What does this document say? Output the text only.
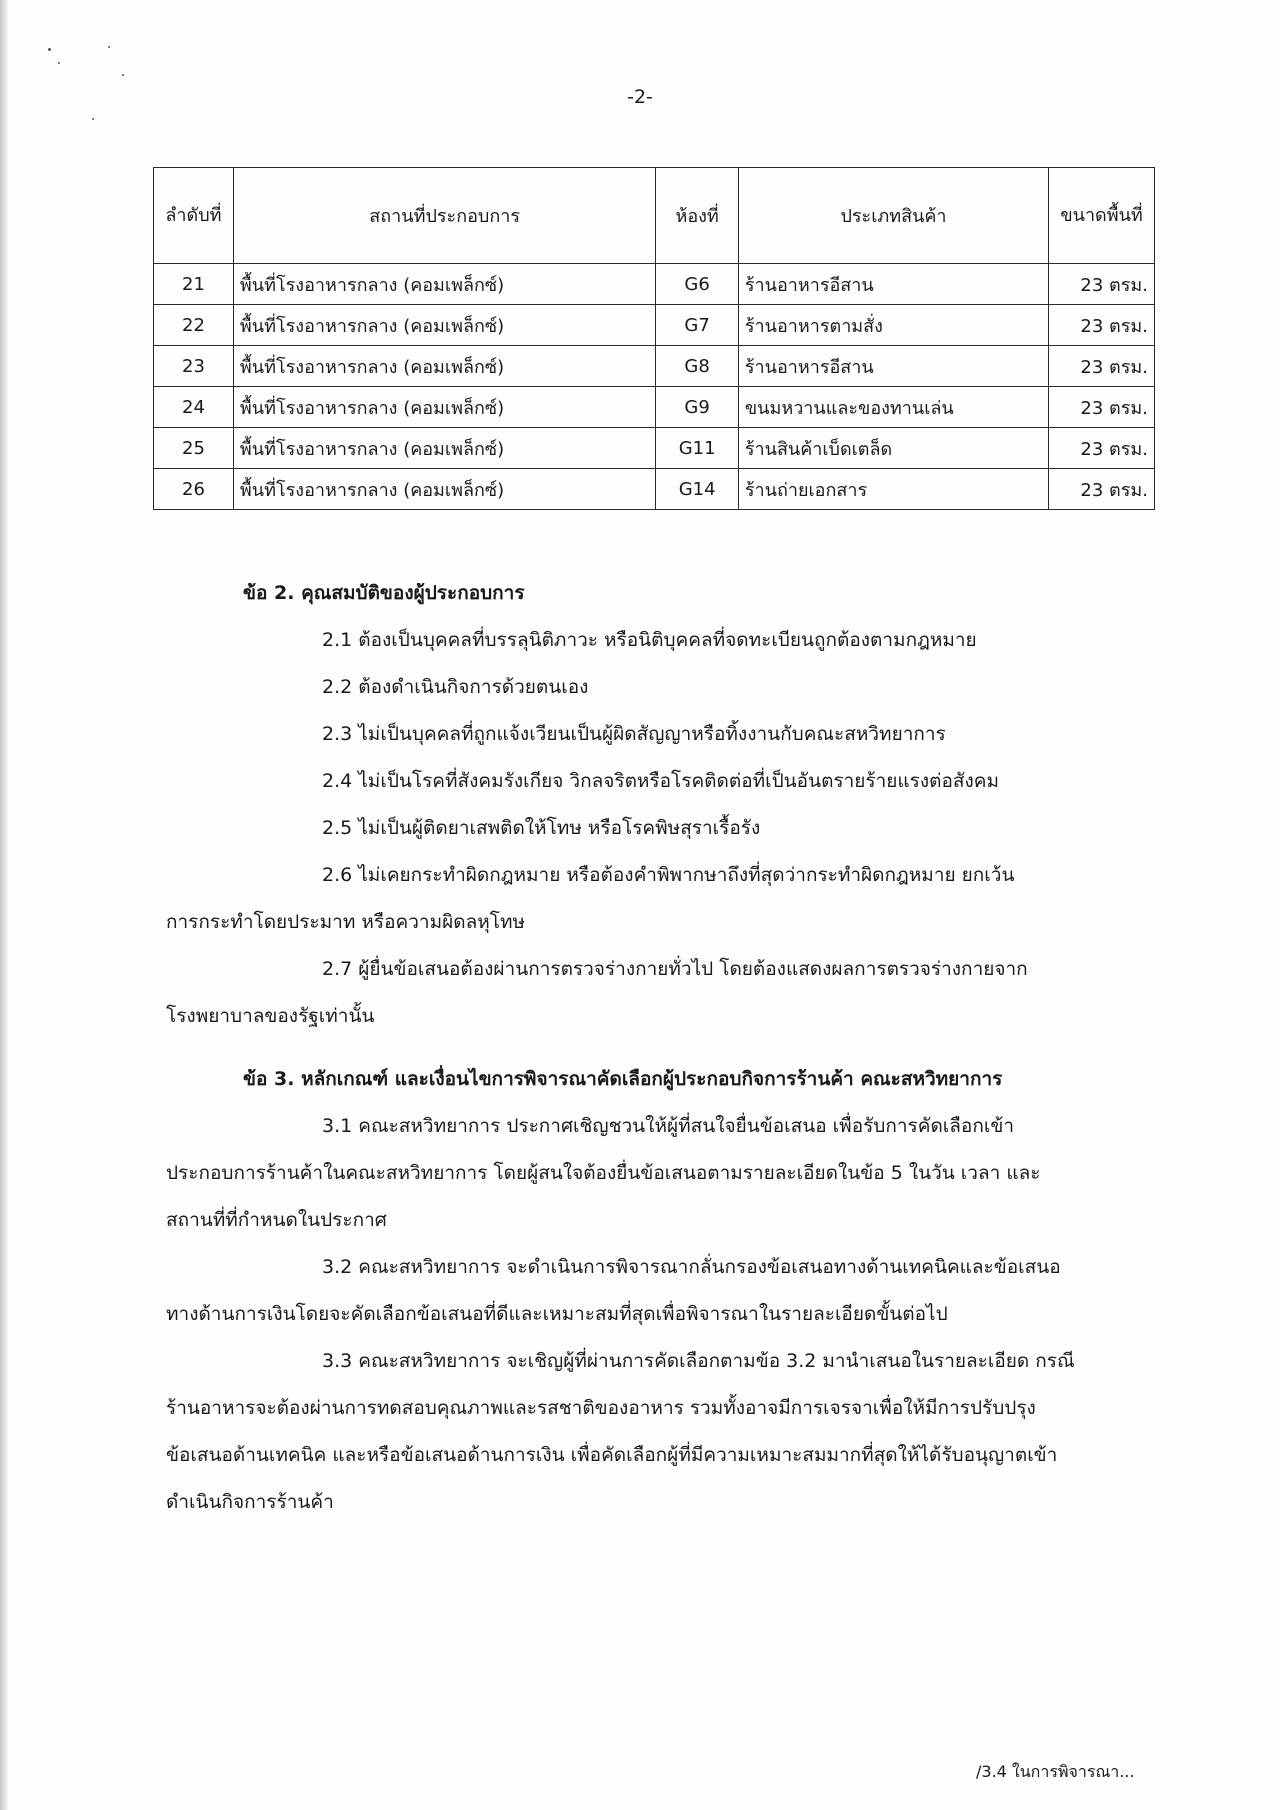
-2-
ลำดับที่	สถานที่ประกอบการ	ห้องที่	ประเภทสินค้า	ขนาดพื้นที่
21	พื้นที่โรงอาหารกลาง (คอมเพล็กซ์)	G6	ร้านอาหารอีสาน	23 ตรม.
22	พื้นที่โรงอาหารกลาง (คอมเพล็กซ์)	G7	ร้านอาหารตามสั่ง	23 ตรม.
23	พื้นที่โรงอาหารกลาง (คอมเพล็กซ์)	G8	ร้านอาหารอีสาน	23 ตรม.
24	พื้นที่โรงอาหารกลาง (คอมเพล็กซ์)	G9	ขนมหวานและของทานเล่น	23 ตรม.
25	พื้นที่โรงอาหารกลาง (คอมเพล็กซ์)	G11	ร้านสินค้าเบ็ดเตล็ด	23 ตรม.
26	พื้นที่โรงอาหารกลาง (คอมเพล็กซ์)	G14	ร้านถ่ายเอกสาร	23 ตรม.
ข้อ 2. คุณสมบัติของผู้ประกอบการ
2.1 ต้องเป็นบุคคลที่บรรลุนิติภาวะ หรือนิติบุคคลที่จดทะเบียนถูกต้องตามกฎหมาย
2.2 ต้องดำเนินกิจการด้วยตนเอง
2.3 ไม่เป็นบุคคลที่ถูกแจ้งเวียนเป็นผู้ผิดสัญญาหรือทิ้งงานกับคณะสหวิทยาการ
2.4 ไม่เป็นโรคที่สังคมรังเกียจ วิกลจริตหรือโรคติดต่อที่เป็นอันตรายร้ายแรงต่อสังคม
2.5 ไม่เป็นผู้ติดยาเสพติดให้โทษ หรือโรคพิษสุราเรื้อรัง
2.6 ไม่เคยกระทำผิดกฎหมาย หรือต้องคำพิพากษาถึงที่สุดว่ากระทำผิดกฎหมาย ยกเว้น
การกระทำโดยประมาท หรือความผิดลหุโทษ
2.7 ผู้ยื่นข้อเสนอต้องผ่านการตรวจร่างกายทั่วไป โดยต้องแสดงผลการตรวจร่างกายจาก
โรงพยาบาลของรัฐเท่านั้น
ข้อ 3. หลักเกณฑ์ และเงื่อนไขการพิจารณาคัดเลือกผู้ประกอบกิจการร้านค้า คณะสหวิทยาการ
3.1 คณะสหวิทยาการ ประกาศเชิญชวนให้ผู้ที่สนใจยื่นข้อเสนอ เพื่อรับการคัดเลือกเข้า
ประกอบการร้านค้าในคณะสหวิทยาการ โดยผู้สนใจต้องยื่นข้อเสนอตามรายละเอียดในข้อ 5 ในวัน เวลา และ
สถานที่ที่กำหนดในประกาศ
3.2 คณะสหวิทยาการ จะดำเนินการพิจารณากลั่นกรองข้อเสนอทางด้านเทคนิคและข้อเสนอ
ทางด้านการเงินโดยจะคัดเลือกข้อเสนอที่ดีและเหมาะสมที่สุดเพื่อพิจารณาในรายละเอียดขั้นต่อไป
3.3 คณะสหวิทยาการ จะเชิญผู้ที่ผ่านการคัดเลือกตามข้อ 3.2 มานำเสนอในรายละเอียด กรณี
ร้านอาหารจะต้องผ่านการทดสอบคุณภาพและรสชาติของอาหาร รวมทั้งอาจมีการเจรจาเพื่อให้มีการปรับปรุง
ข้อเสนอด้านเทคนิค และหรือข้อเสนอด้านการเงิน เพื่อคัดเลือกผู้ที่มีความเหมาะสมมากที่สุดให้ได้รับอนุญาตเข้า
ดำเนินกิจการร้านค้า
/3.4 ในการพิจารณา...
